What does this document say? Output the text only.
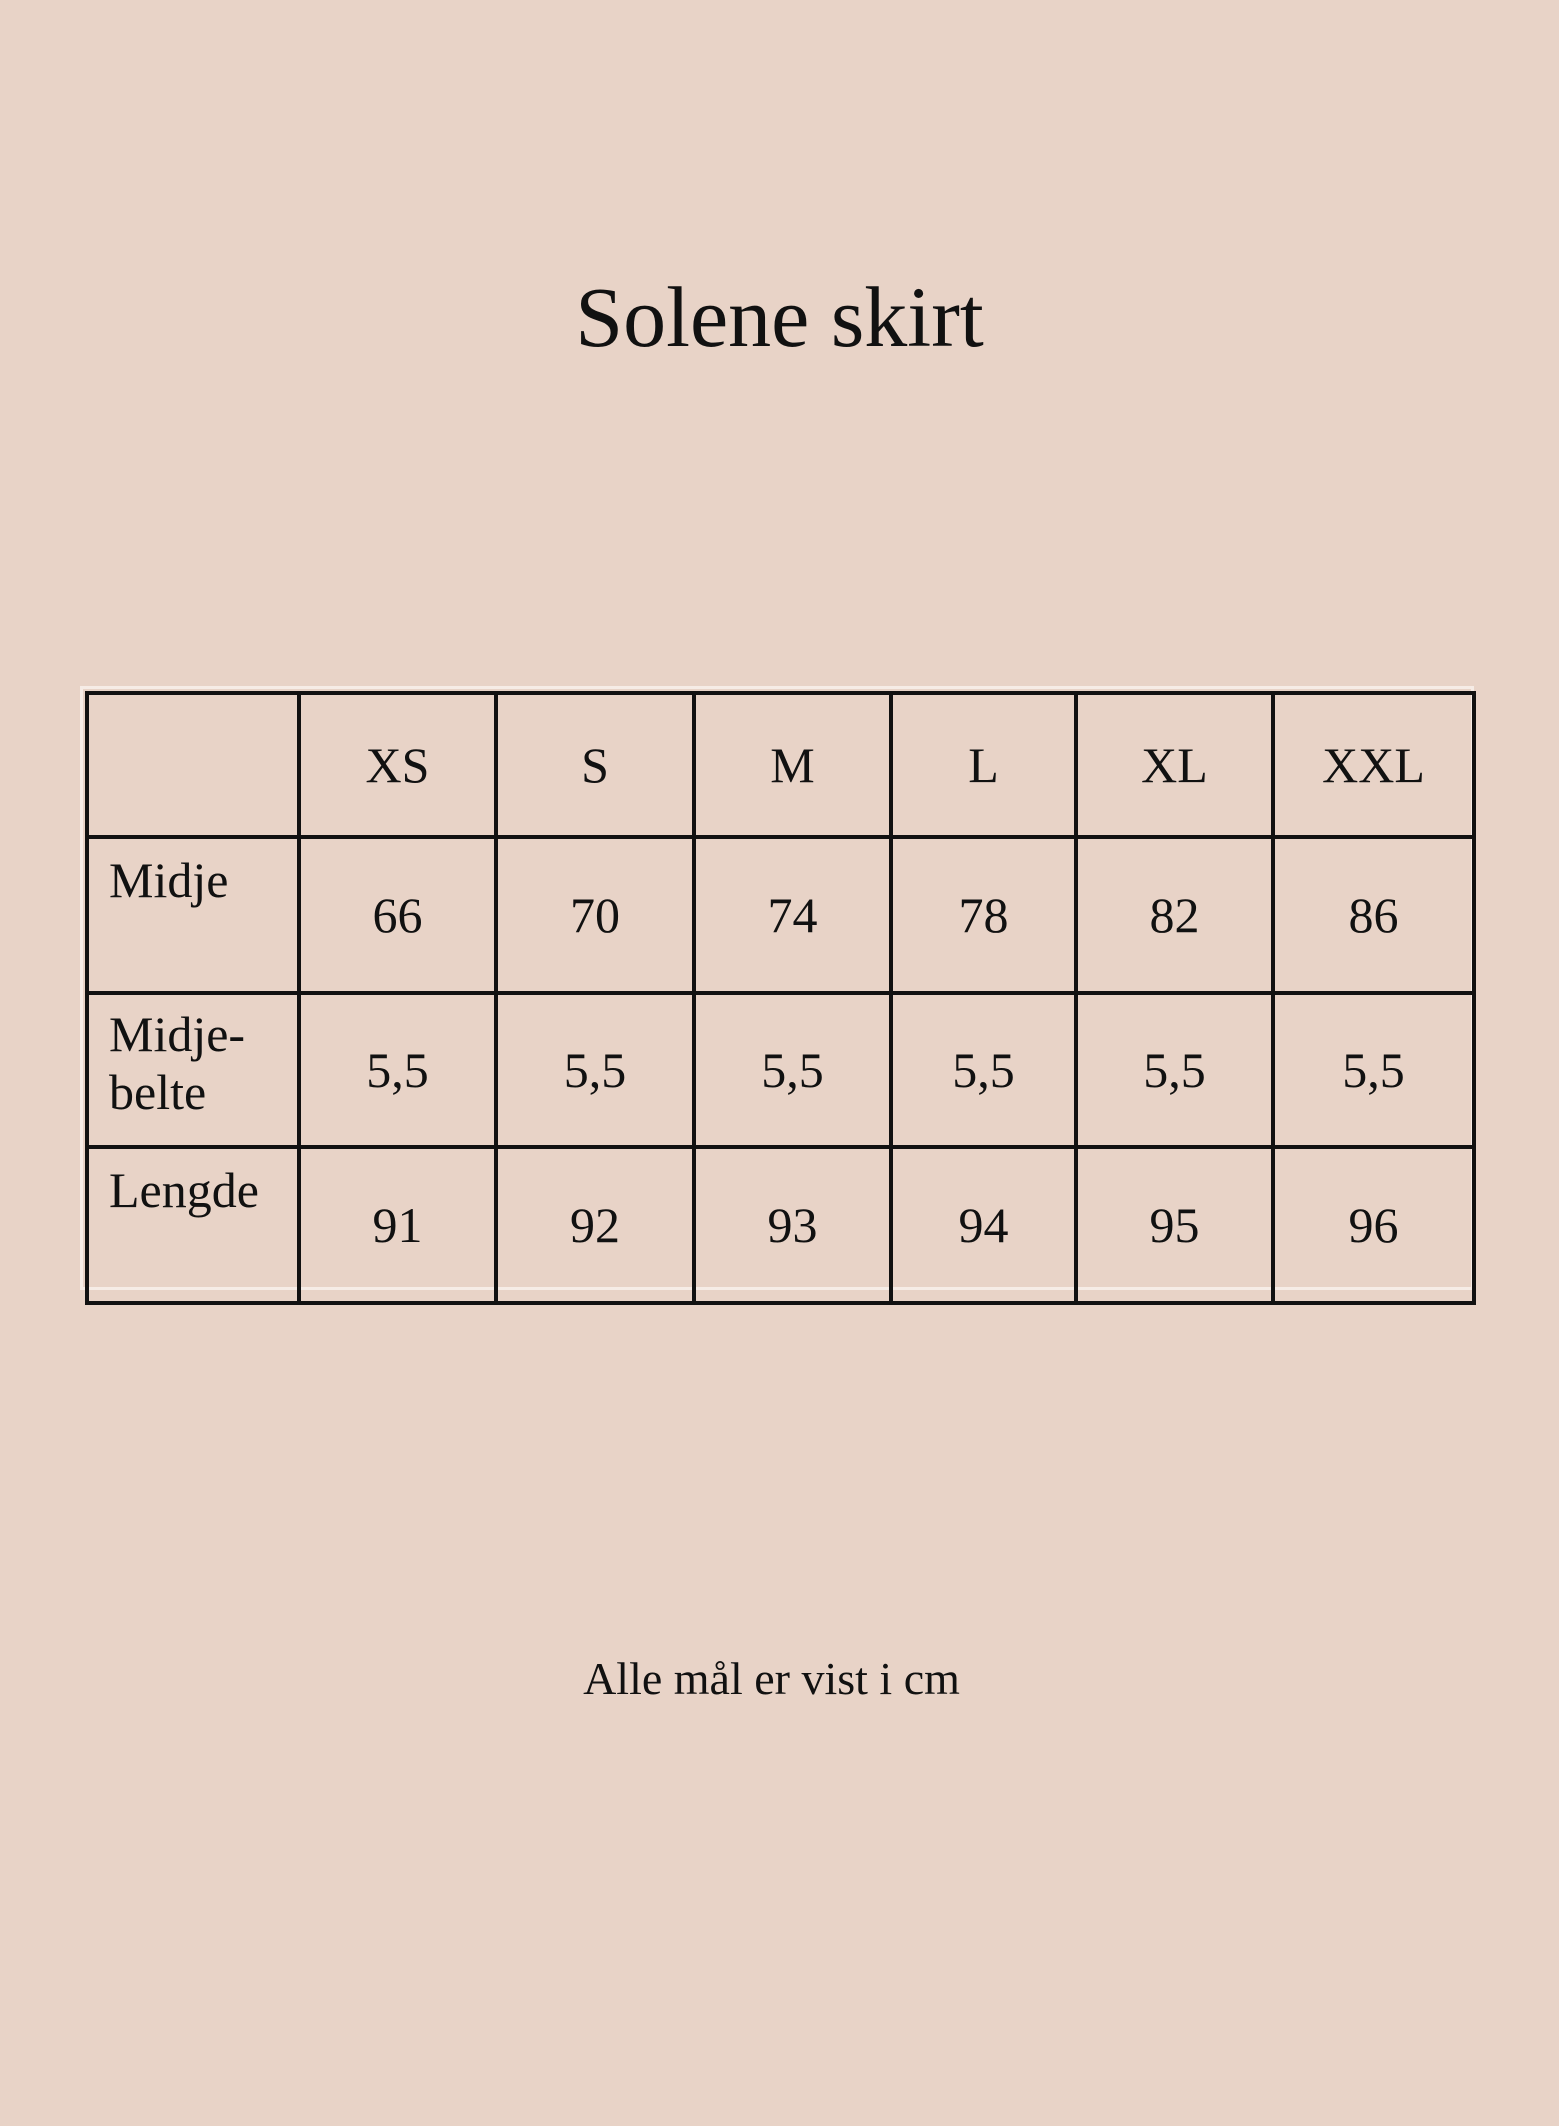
Solene skirt
	XS	S	M	L	XL	XXL
Midje	66	70	74	78	82	86
Midje-
belte	5,5	5,5	5,5	5,5	5,5	5,5
Lengde	91	92	93	94	95	96

Alle mål er vist i cm
